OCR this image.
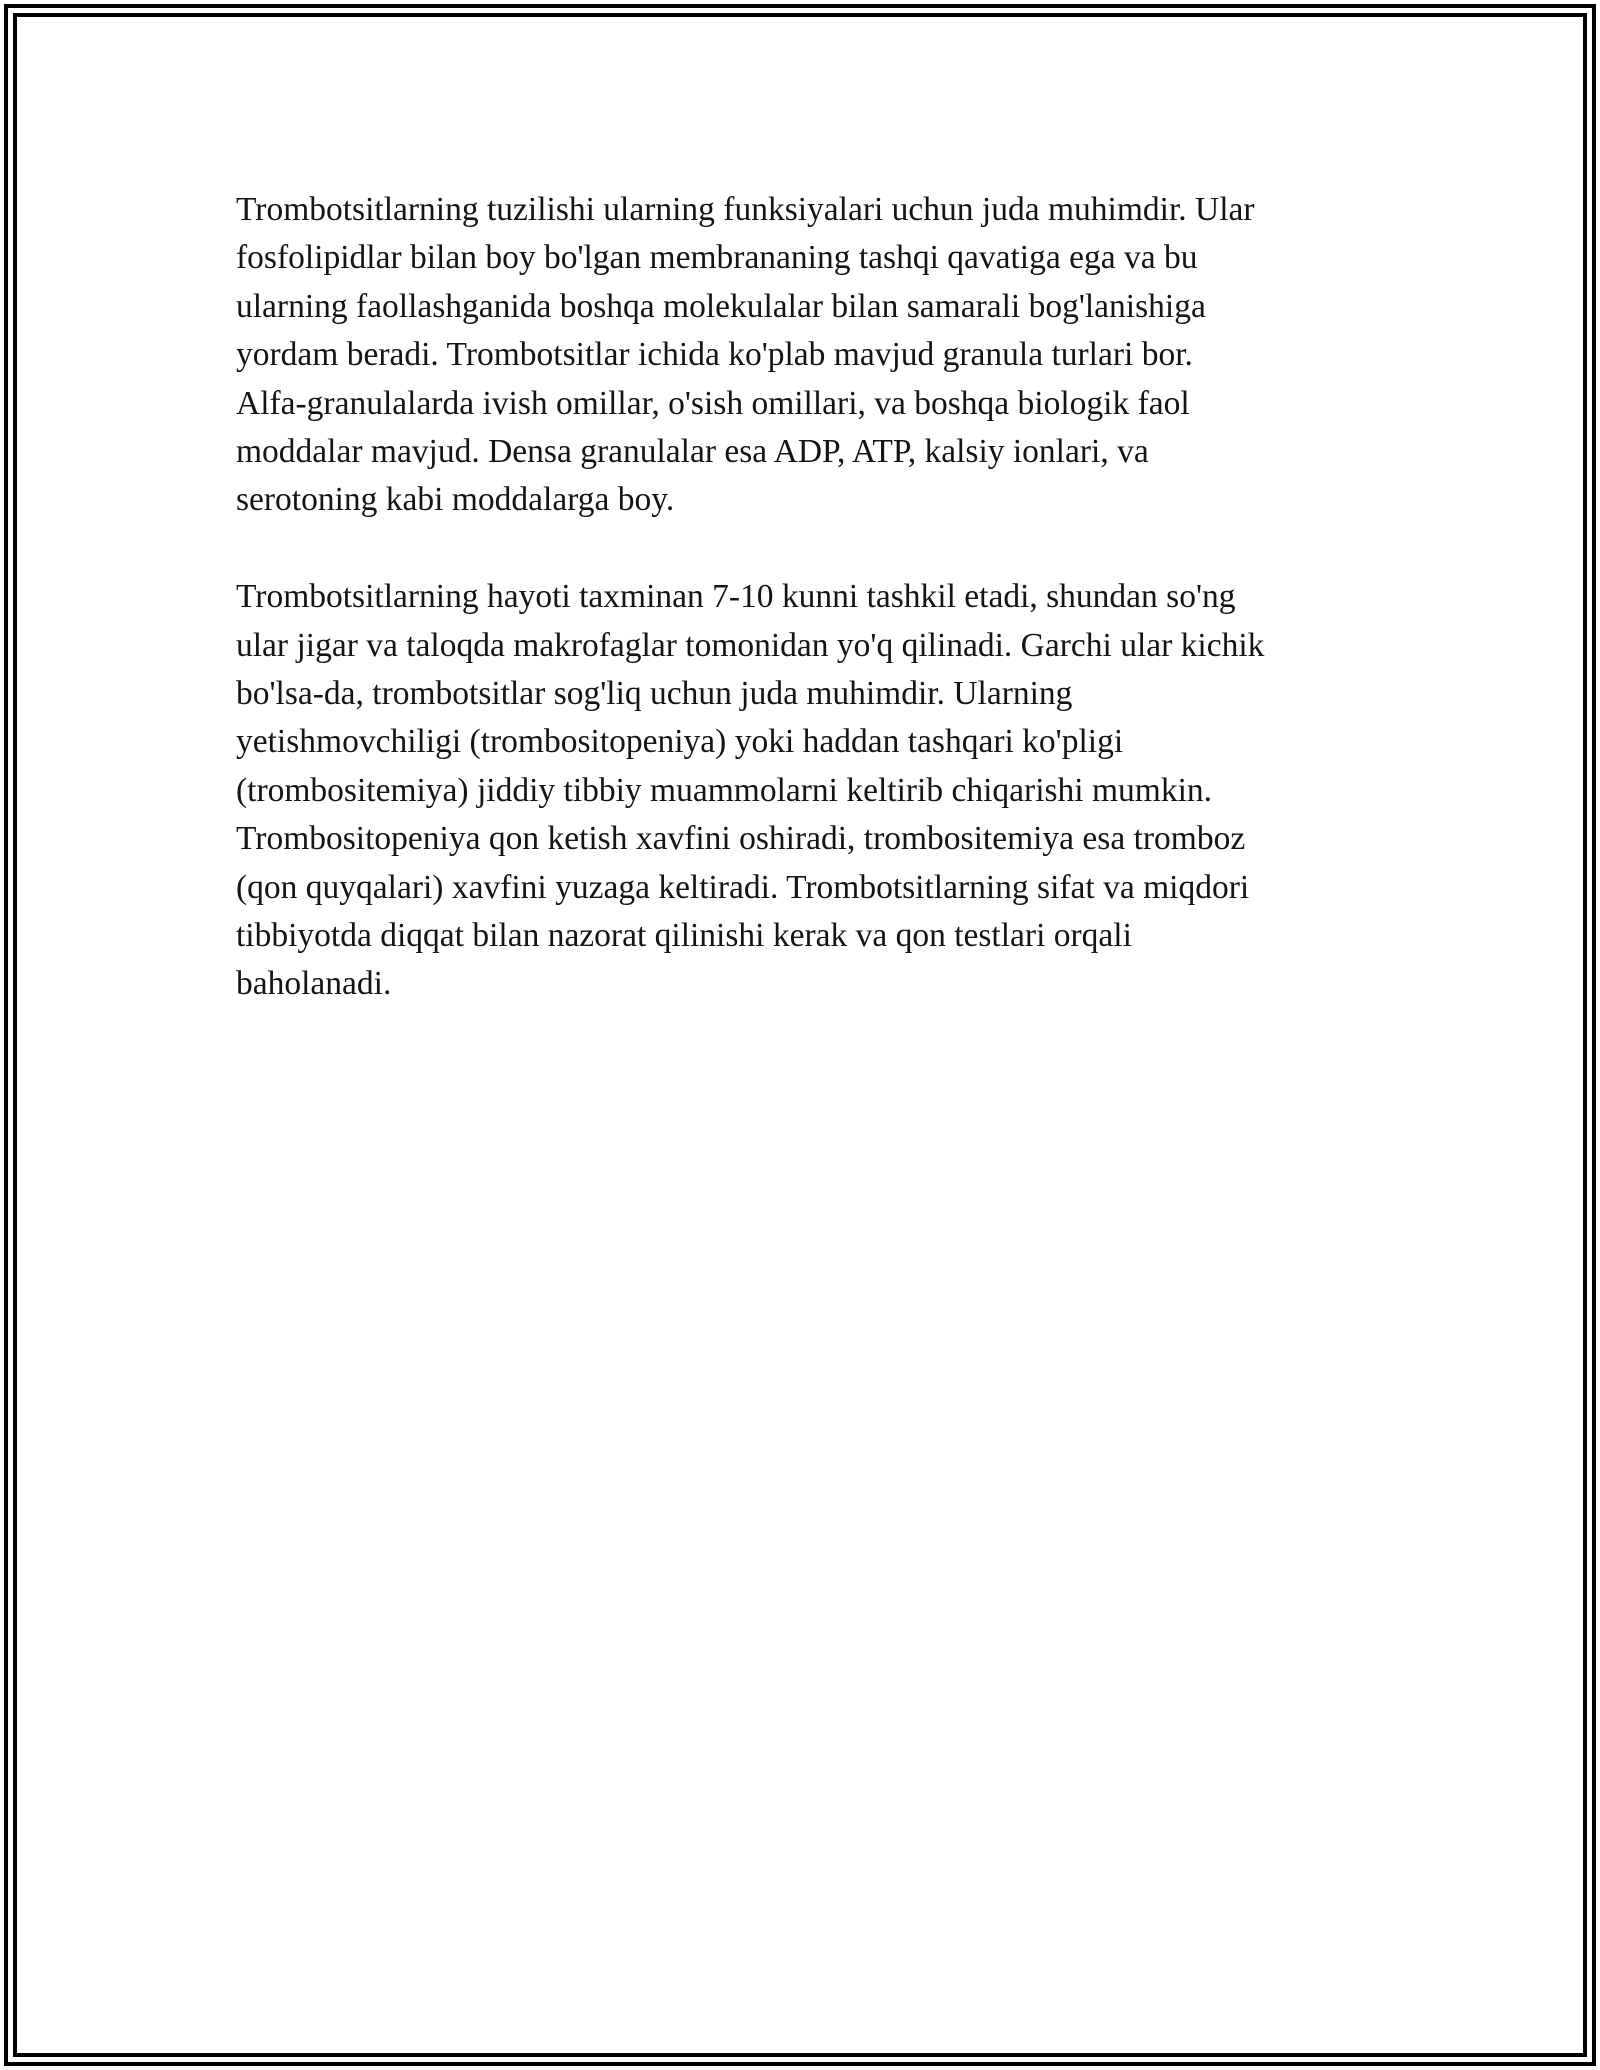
Trombotsitlarning tuzilishi ularning funksiyalari uchun juda muhimdir. Ular
fosfolipidlar bilan boy bo'lgan membrananing tashqi qavatiga ega va bu
ularning faollashganida boshqa molekulalar bilan samarali bog'lanishiga
yordam beradi. Trombotsitlar ichida ko'plab mavjud granula turlari bor.
Alfa-granulalarda ivish omillar, o'sish omillari, va boshqa biologik faol
moddalar mavjud. Densa granulalar esa ADP, ATP, kalsiy ionlari, va
serotoning kabi moddalarga boy.

Trombotsitlarning hayoti taxminan 7-10 kunni tashkil etadi, shundan so'ng
ular jigar va taloqda makrofaglar tomonidan yo'q qilinadi. Garchi ular kichik
bo'lsa-da, trombotsitlar sog'liq uchun juda muhimdir. Ularning
yetishmovchiligi (trombositopeniya) yoki haddan tashqari ko'pligi
(trombositemiya) jiddiy tibbiy muammolarni keltirib chiqarishi mumkin.
Trombositopeniya qon ketish xavfini oshiradi, trombositemiya esa tromboz
(qon quyqalari) xavfini yuzaga keltiradi. Trombotsitlarning sifat va miqdori
tibbiyotda diqqat bilan nazorat qilinishi kerak va qon testlari orqali
baholanadi.
